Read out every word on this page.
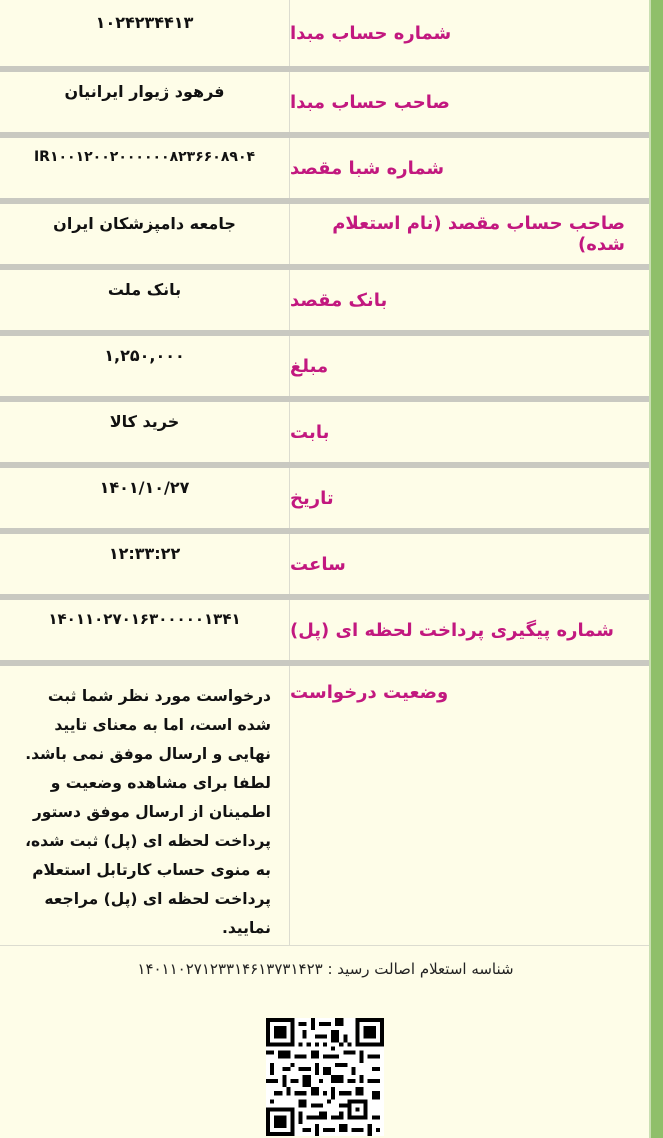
شماره حساب مبدا
۱۰۲۴۲۳۴۴۱۳
صاحب حساب مبدا
فرهود ژیوار ایرانیان
شماره شبا مقصد
IR۱۰۰۱۲۰۰۲۰۰۰۰۰۰۸۲۳۶۶۰۸۹۰۴
صاحب حساب مقصد (نام استعلام شده)
جامعه دامپزشکان ایران
بانک مقصد
بانک ملت
مبلغ
۱,۲۵۰,۰۰۰
بابت
خرید کالا
تاریخ
۱۴۰۱/۱۰/۲۷
ساعت
۱۲:۳۳:۲۲
شماره پیگیری پرداخت لحظه ای (پل)
۱۴۰۱۱۰۲۷۰۱۶۳۰۰۰۰۰۱۳۴۱
وضعیت درخواست
درخواست مورد نظر شما ثبت شده است، اما به معنای تایید نهایی و ارسال موفق نمی باشد. لطفا برای مشاهده وضعیت و اطمینان از ارسال موفق دستور پرداخت لحظه ای (پل) ثبت شده، به منوی حساب کارتابل استعلام پرداخت لحظه ای (پل) مراجعه نمایید.
شناسه استعلام اصالت رسید : ۱۴۰۱۱۰۲۷۱۲۳۳۱۴۶۱۳۷۳۱۴۲۳
